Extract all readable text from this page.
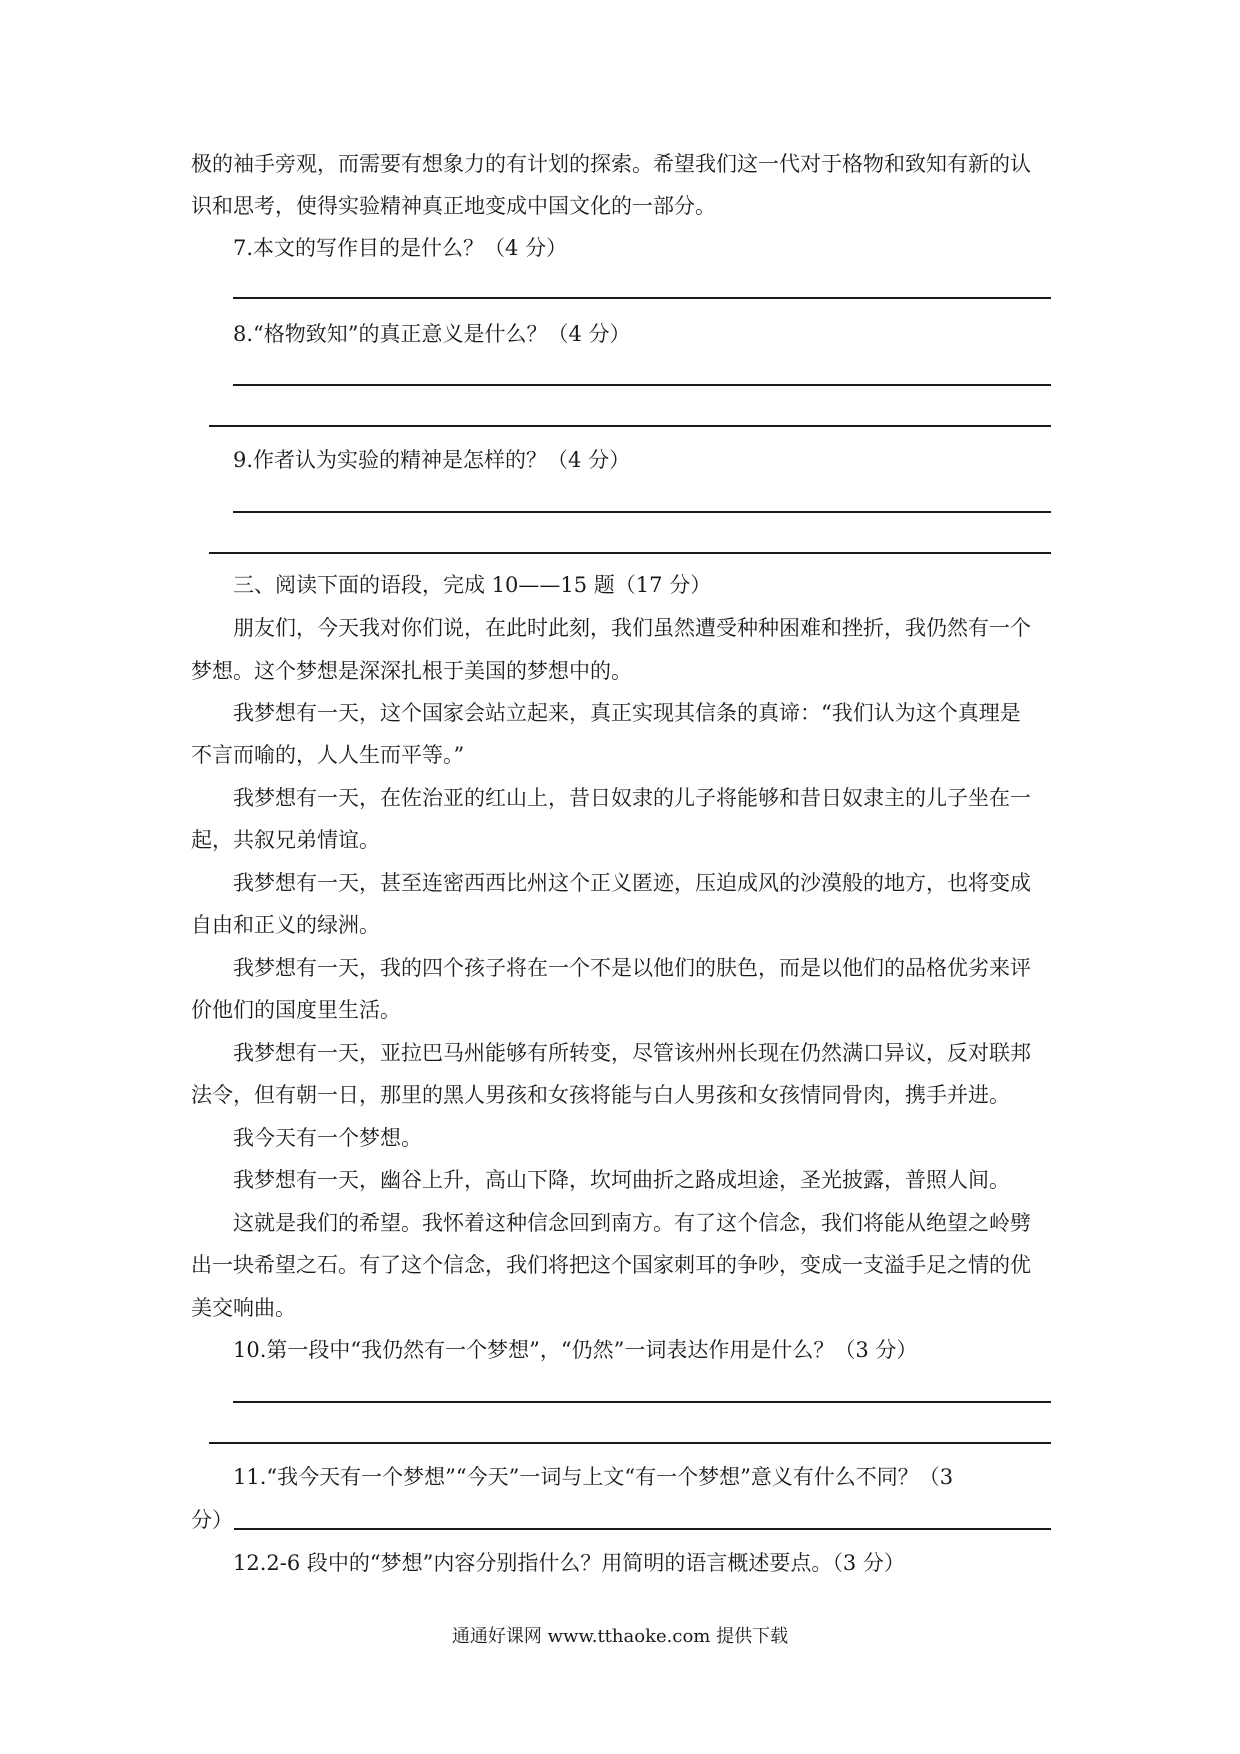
极的袖手旁观，而需要有想象力的有计划的探索。希望我们这一代对于格物和致知有新的认
识和思考，使得实验精神真正地变成中国文化的一部分。
7.本文的写作目的是什么？（4 分）
8.“格物致知”的真正意义是什么？（4 分）
9.作者认为实验的精神是怎样的？（4 分）
三、阅读下面的语段，完成 10——15 题（17 分）
朋友们，今天我对你们说，在此时此刻，我们虽然遭受种种困难和挫折，我仍然有一个
梦想。这个梦想是深深扎根于美国的梦想中的。
我梦想有一天，这个国家会站立起来，真正实现其信条的真谛：“我们认为这个真理是
不言而喻的，人人生而平等。”
我梦想有一天，在佐治亚的红山上，昔日奴隶的儿子将能够和昔日奴隶主的儿子坐在一
起，共叙兄弟情谊。
我梦想有一天，甚至连密西西比州这个正义匿迹，压迫成风的沙漠般的地方，也将变成
自由和正义的绿洲。
我梦想有一天，我的四个孩子将在一个不是以他们的肤色，而是以他们的品格优劣来评
价他们的国度里生活。
我梦想有一天，亚拉巴马州能够有所转变，尽管该州州长现在仍然满口异议，反对联邦
法令，但有朝一日，那里的黑人男孩和女孩将能与白人男孩和女孩情同骨肉，携手并进。
我今天有一个梦想。
我梦想有一天，幽谷上升，高山下降，坎坷曲折之路成坦途，圣光披露，普照人间。
这就是我们的希望。我怀着这种信念回到南方。有了这个信念，我们将能从绝望之岭劈
出一块希望之石。有了这个信念，我们将把这个国家刺耳的争吵，变成一支溢手足之情的优
美交响曲。
10.第一段中“我仍然有一个梦想”，“仍然”一词表达作用是什么？（3 分）
11.“我今天有一个梦想”“今天”一词与上文“有一个梦想”意义有什么不同？（3
分）
12.2-6 段中的“梦想”内容分别指什么？用简明的语言概述要点。（3 分）
通通好课网 www.tthaoke.com 提供下载
